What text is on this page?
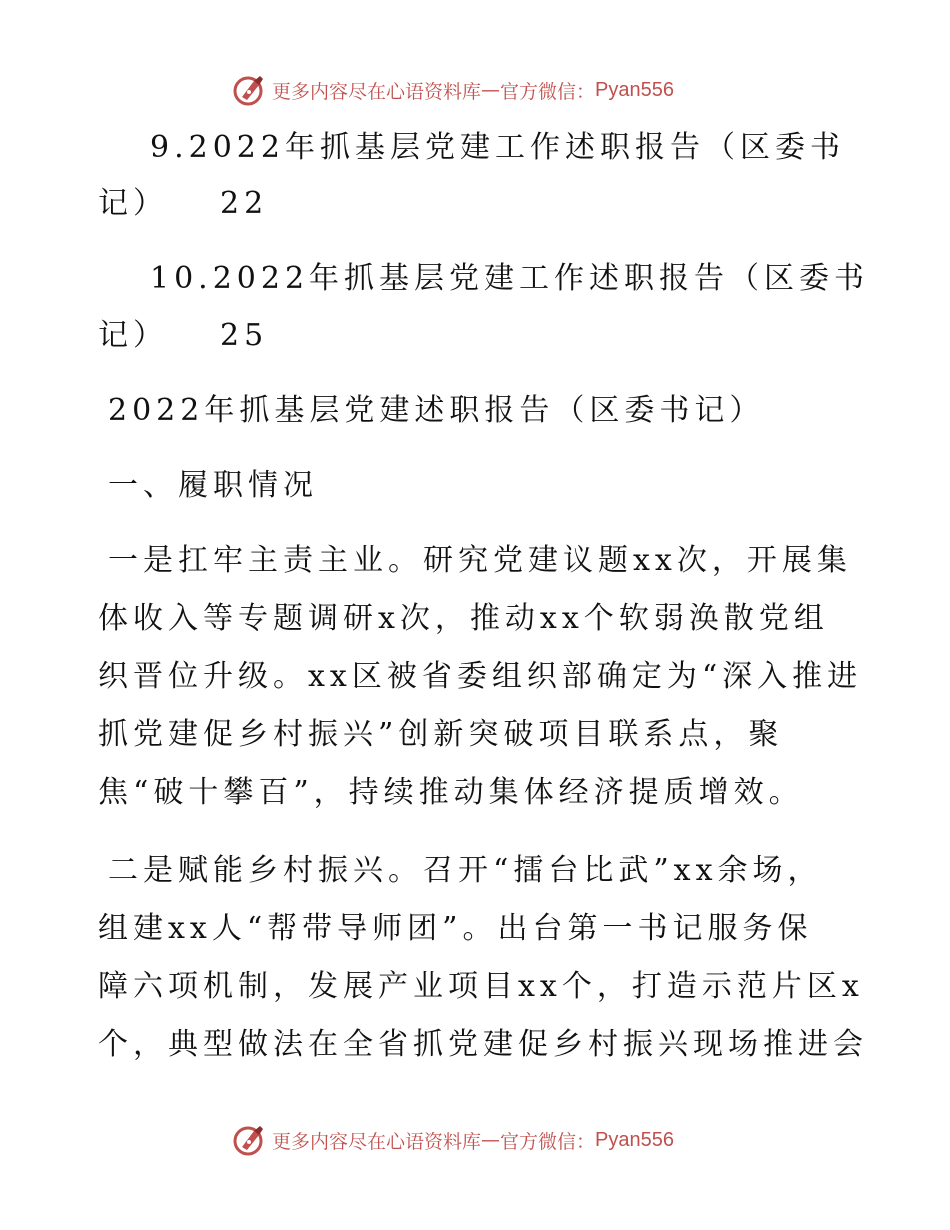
更多内容尽在心语资料库 — 官方微信： Pyan556
9.2022年抓基层党建工作述职报告（区委书
记） 22
10.2022年抓基层党建工作述职报告（区委书
记） 25
2022年抓基层党建述职报告（区委书记）
一、履职情况
一是扛牢主责主业。研究党建议题xx次，开展集
体收入等专题调研x次，推动xx个软弱涣散党组
织晋位升级。xx区被省委组织部确定为“深入推进
抓党建促乡村振兴”创新突破项目联系点，聚
焦“破十攀百”，持续推动集体经济提质增效。
二是赋能乡村振兴。召开“擂台比武”xx余场，
组建xx人“帮带导师团”。出台第一书记服务保
障六项机制，发展产业项目xx个，打造示范片区x
个，典型做法在全省抓党建促乡村振兴现场推进会
更多内容尽在心语资料库 — 官方微信： Pyan556
